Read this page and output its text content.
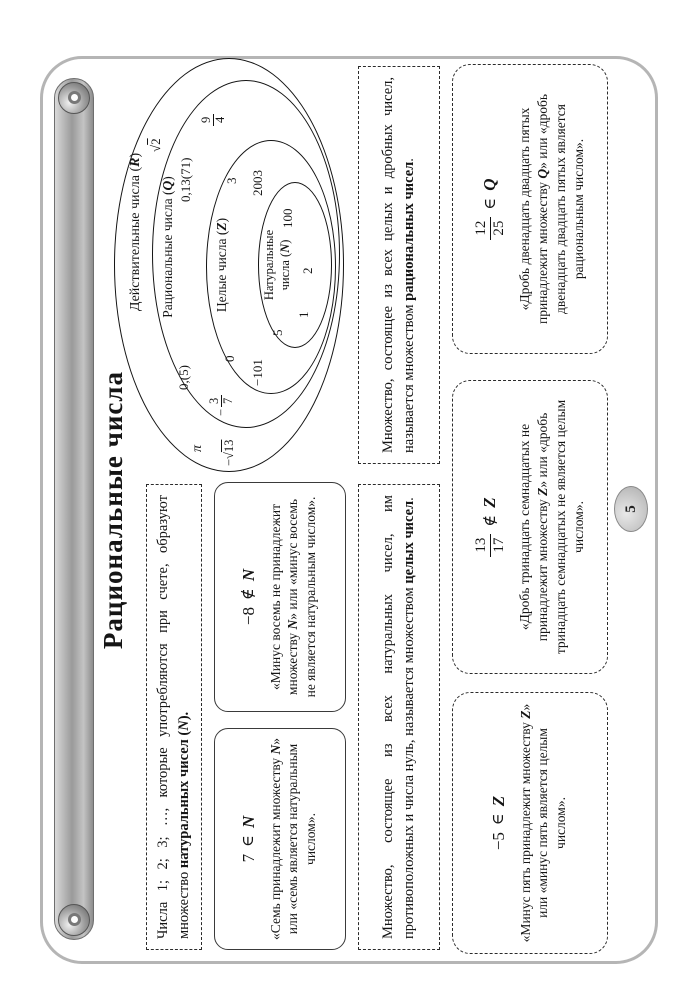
Рациональные числа	Числа 1; 2; 3; …, которые употребляются при счете, образуют множество натуральных чисел (N).

Действительные числа (R)
Рациональные числа (Q)
Целые числа (Z)
Натуральные числа (N)
π
−√13
√2
0,(5)
0,13(71)
−
3 7
9 4
0
−101
3 2003
5
1
2
100
7
∈
N «Семь принадлежит множеству N» или «семь является натуральным числом».

−8
∉
N «Минус восемь не принадлежит множеству N» или «минус восемь не является натуральным числом».	Множество, состоящее из всех натуральных чисел, им противоположных и числа нуль, называется множеством целых чисел.

Множество, состоящее из всех целых и дробных чисел, называется множеством рациональных чисел.

−5
∈
Z «Минус пять принадлежит множеству Z» или «минус пять является целым числом».

13 17
∉
Z «Дробь тринадцать семнадцатых не принадлежит множеству Z» или «дробь тринадцать семнадцатых не является целым числом».

12 25
∈
Q «Дробь двенадцать двадцать пятых принадлежит множеству Q» или «дробь двенадцать двадцать пятых является рациональным числом».

5
